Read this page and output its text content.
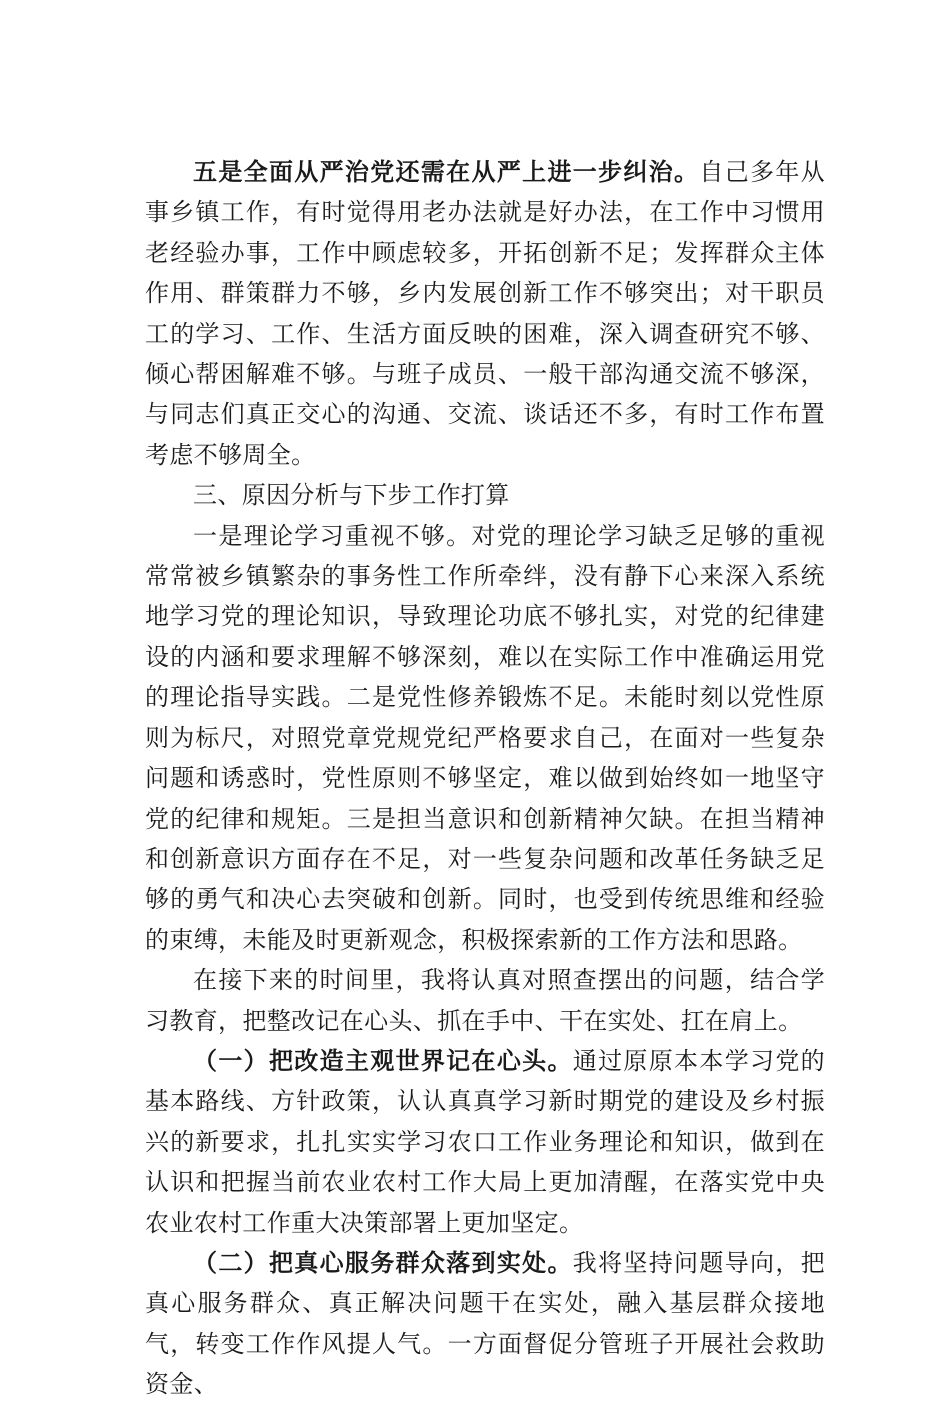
五是全面从严治党还需在从严上进一步纠治。自己多年从事乡镇工作，有时觉得用老办法就是好办法，在工作中习惯用老经验办事，工作中顾虑较多，开拓创新不足；发挥群众主体作用、群策群力不够，乡内发展创新工作不够突出；对干职员工的学习、工作、生活方面反映的困难，深入调查研究不够、倾心帮困解难不够。与班子成员、一般干部沟通交流不够深，与同志们真正交心的沟通、交流、谈话还不多，有时工作布置考虑不够周全。

三、原因分析与下步工作打算

一是理论学习重视不够。对党的理论学习缺乏足够的重视常常被乡镇繁杂的事务性工作所牵绊，没有静下心来深入系统地学习党的理论知识，导致理论功底不够扎实，对党的纪律建设的内涵和要求理解不够深刻，难以在实际工作中准确运用党的理论指导实践。二是党性修养锻炼不足。未能时刻以党性原则为标尺，对照党章党规党纪严格要求自己，在面对一些复杂问题和诱惑时，党性原则不够坚定，难以做到始终如一地坚守党的纪律和规矩。三是担当意识和创新精神欠缺。在担当精神和创新意识方面存在不足，对一些复杂问题和改革任务缺乏足够的勇气和决心去突破和创新。同时，也受到传统思维和经验的束缚，未能及时更新观念，积极探索新的工作方法和思路。

在接下来的时间里，我将认真对照查摆出的问题，结合学习教育，把整改记在心头、抓在手中、干在实处、扛在肩上。

（一）把改造主观世界记在心头。通过原原本本学习党的基本路线、方针政策，认认真真学习新时期党的建设及乡村振兴的新要求，扎扎实实学习农口工作业务理论和知识，做到在认识和把握当前农业农村工作大局上更加清醒，在落实党中央农业农村工作重大决策部署上更加坚定。

（二）把真心服务群众落到实处。我将坚持问题导向，把真心服务群众、真正解决问题干在实处，融入基层群众接地气，转变工作作风提人气。一方面督促分管班子开展社会救助资金、
